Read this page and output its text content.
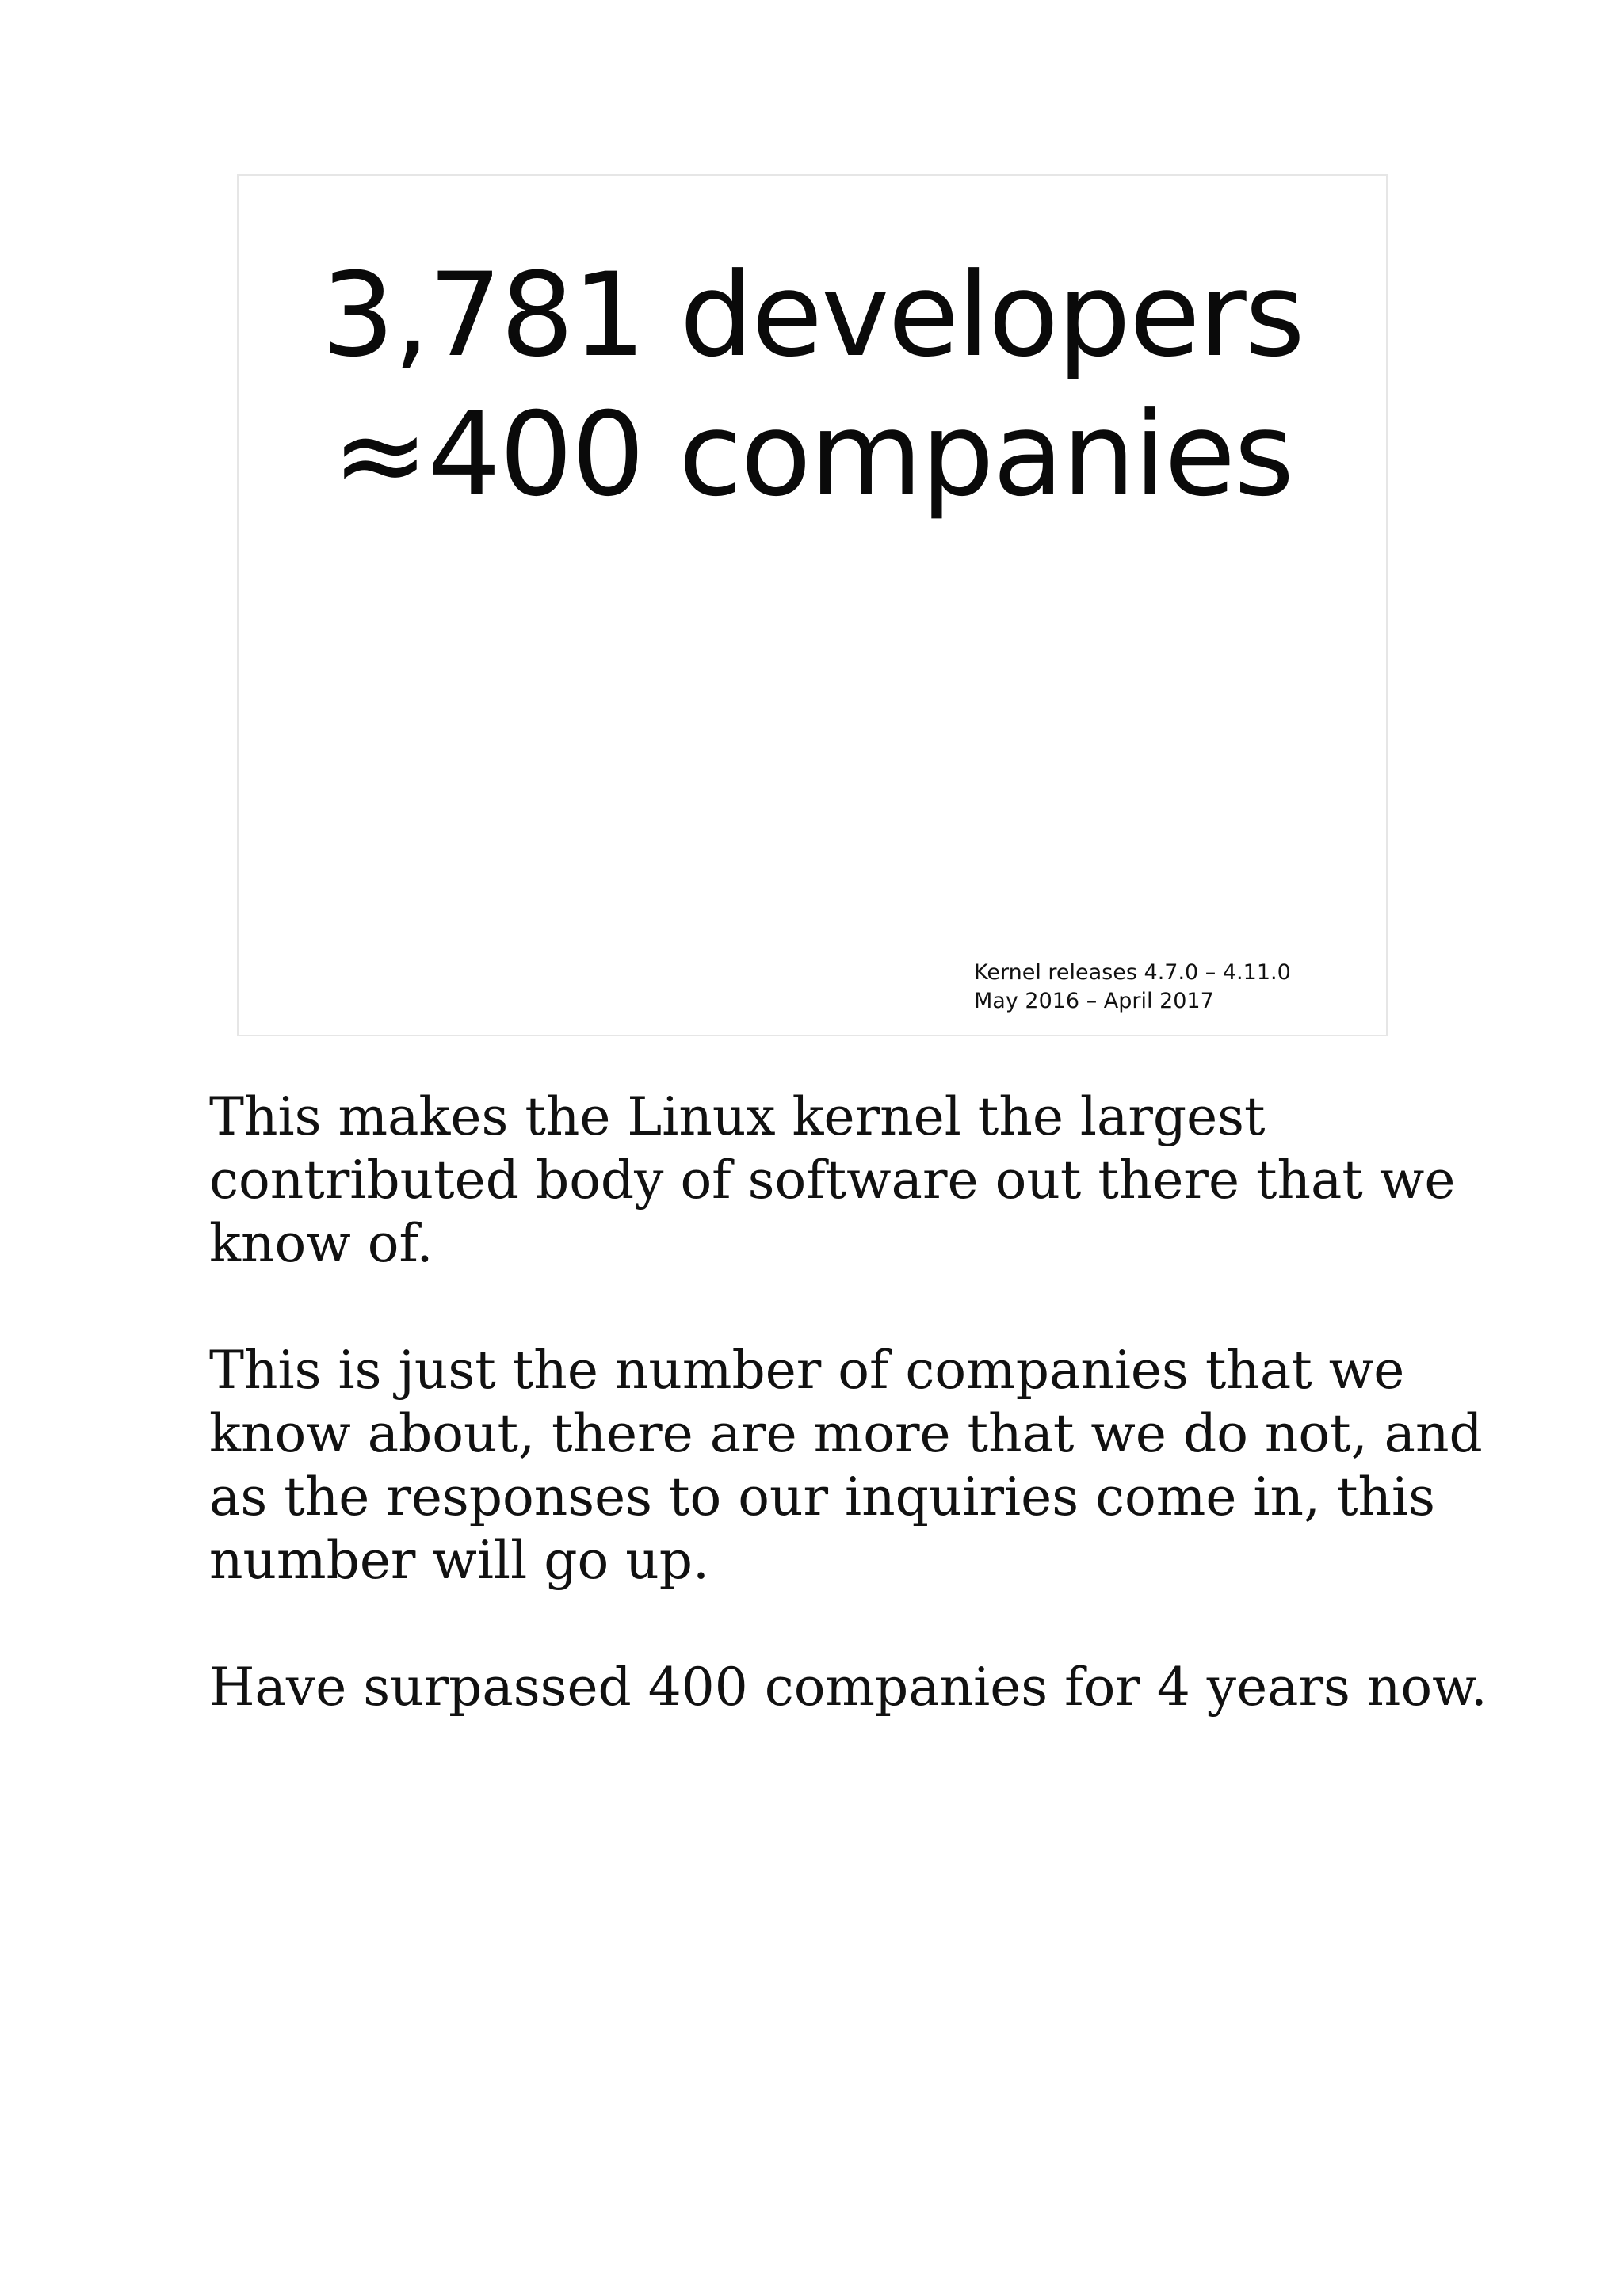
3,781 developers
≈400 companies
Kernel releases 4.7.0 – 4.11.0
May 2016 – April 2017

This makes the Linux kernel the largest contributed body of software out there that we know of.

This is just the number of companies that we know about, there are more that we do not, and as the responses to our inquiries come in, this number will go up.

Have surpassed 400 companies for 4 years now.
